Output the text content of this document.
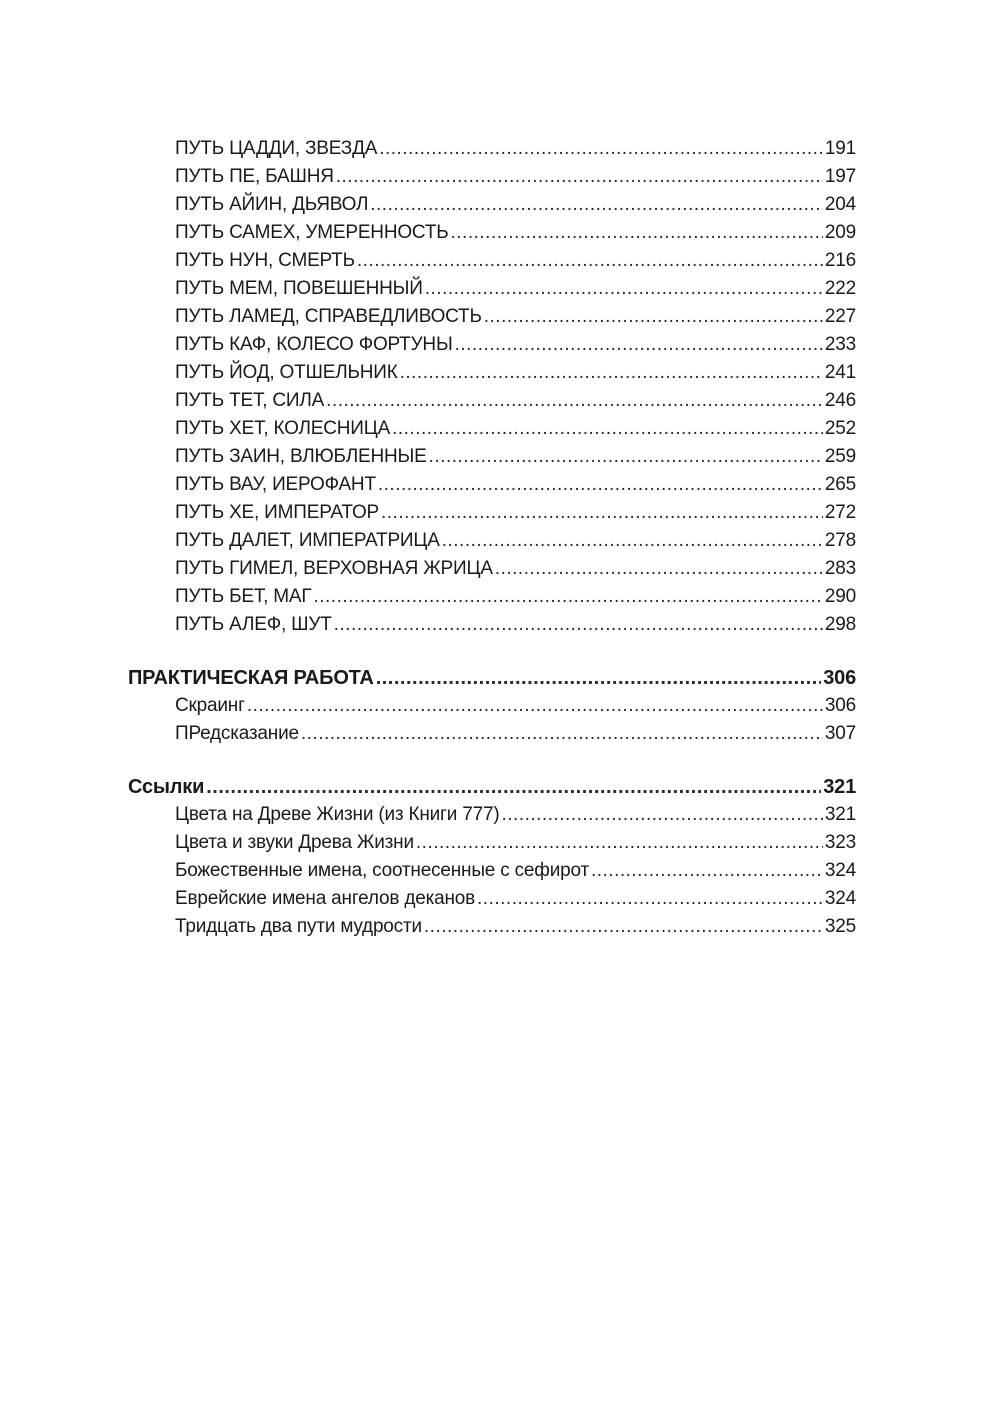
ПУТЬ ЦАДДИ, ЗВЕЗДА .....	191
ПУТЬ ПЕ, БАШНЯ .....	197
ПУТЬ АЙИН, ДЬЯВОЛ .....	204
ПУТЬ САМЕХ, УМЕРЕННОСТЬ .....	209
ПУТЬ НУН, СМЕРТЬ .....	216
ПУТЬ МЕМ, ПОВЕШЕННЫЙ .....	222
ПУТЬ ЛАМЕД, СПРАВЕДЛИВОСТЬ .....	227
ПУТЬ КАФ, КОЛЕСО ФОРТУНЫ .....	233
ПУТЬ ЙОД, ОТШЕЛЬНИК .....	241
ПУТЬ ТЕТ, СИЛА .....	246
ПУТЬ ХЕТ, КОЛЕСНИЦА .....	252
ПУТЬ ЗАИН, ВЛЮБЛЕННЫЕ .....	259
ПУТЬ ВАУ, ИЕРОФАНТ .....	265
ПУТЬ ХЕ, ИМПЕРАТОР .....	272
ПУТЬ ДАЛЕТ, ИМПЕРАТРИЦА .....	278
ПУТЬ ГИМЕЛ, ВЕРХОВНАЯ ЖРИЦА .....	283
ПУТЬ БЕТ, МАГ .....	290
ПУТЬ АЛЕФ, ШУТ .....	298
ПРАКТИЧЕСКАЯ РАБОТА .....	306
Скраинг .....	306
ПРедсказание .....	307
Ссылки .....	321
Цвета на Древе Жизни (из Книги 777) .....	321
Цвета и звуки Древа Жизни .....	323
Божественные имена, соотнесенные с сефирот .....	324
Еврейские имена ангелов деканов .....	324
Тридцать два пути мудрости .....	325
